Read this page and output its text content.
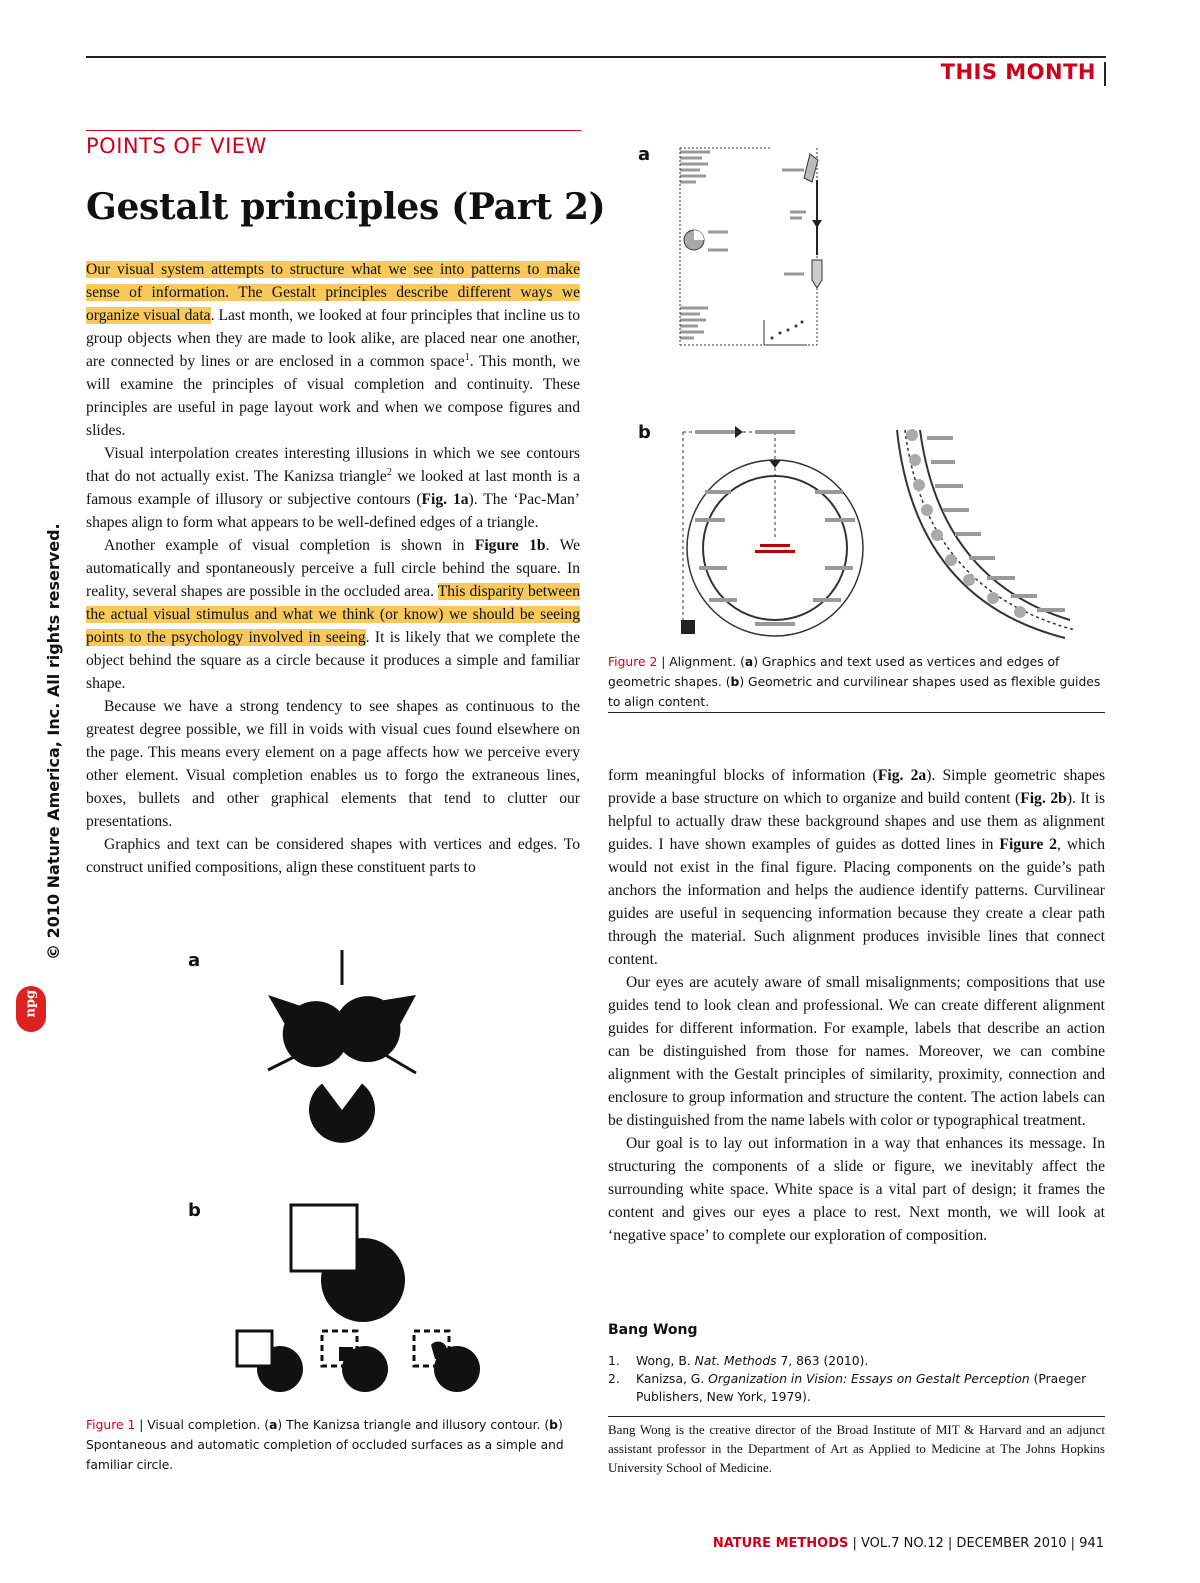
THIS MONTH
© 2010 Nature America, Inc. All rights reserved.
npg
POINTS OF VIEW
Gestalt principles (Part 2)

Our visual system attempts to structure what we see into patterns to make sense of information. The Gestalt principles describe different ways we organize visual data. Last month, we looked at four principles that incline us to group objects when they are made to look alike, are placed near one another, are connected by lines or are enclosed in a common space$^1$. This month, we will examine the principles of visual completion and continuity. These principles are useful in page layout work and when we compose figures and slides.

Visual interpolation creates interesting illusions in which we see contours that do not actually exist. The Kanizsa triangle$^2$ we looked at last month is a famous example of illusory or subjective contours (Fig. 1a). The ‘Pac-Man’ shapes align to form what appears to be well-defined edges of a triangle.

Another example of visual completion is shown in Figure 1b. We automatically and spontaneously perceive a full circle behind the square. In reality, several shapes are possible in the occluded area. This disparity between the actual visual stimulus and what we think (or know) we should be seeing points to the psychology involved in seeing. It is likely that we complete the object behind the square as a circle because it produces a simple and familiar shape.

Because we have a strong tendency to see shapes as continuous to the greatest degree possible, we fill in voids with visual cues found elsewhere on the page. This means every element on a page affects how we perceive every other element. Visual completion enables us to forgo the extraneous lines, boxes, bullets and other graphical elements that tend to clutter our presentations.

Graphics and text can be considered shapes with vertices and edges. To construct unified compositions, align these constituent parts to

a
b
Figure 1 | Visual completion. (a) The Kanizsa triangle and illusory contour. (b) Spontaneous and automatic completion of occluded surfaces as a simple and familiar circle.
a
b
Figure 2 | Alignment. (a) Graphics and text used as vertices and edges of geometric shapes. (b) Geometric and curvilinear shapes used as flexible guides to align content.

form meaningful blocks of information (Fig. 2a). Simple geometric shapes provide a base structure on which to organize and build content (Fig. 2b). It is helpful to actually draw these background shapes and use them as alignment guides. I have shown examples of guides as dotted lines in Figure 2, which would not exist in the final figure. Placing components on the guide’s path anchors the information and helps the audience identify patterns. Curvilinear guides are useful in sequencing information because they create a clear path through the material. Such alignment produces invisible lines that connect content.

Our eyes are acutely aware of small misalignments; compositions that use guides tend to look clean and professional. We can create different alignment guides for different information. For example, labels that describe an action can be distinguished from those for names. Moreover, we can combine alignment with the Gestalt principles of similarity, proximity, connection and enclosure to group information and structure the content. The action labels can be distinguished from the name labels with color or typographical treatment.

Our goal is to lay out information in a way that enhances its message. In structuring the components of a slide or figure, we inevitably affect the surrounding white space. White space is a vital part of design; it frames the content and gives our eyes a place to rest. Next month, we will look at ‘negative space’ to complete our exploration of composition.

Bang Wong
1. Wong, B. Nat. Methods 7, 863 (2010).
2. Kanizsa, G. Organization in Vision: Essays on Gestalt Perception (Praeger Publishers, New York, 1979).
Bang Wong is the creative director of the Broad Institute of MIT & Harvard and an adjunct assistant professor in the Department of Art as Applied to Medicine at The Johns Hopkins University School of Medicine.
NATURE METHODS | VOL.7 NO.12 | DECEMBER 2010 | 941
